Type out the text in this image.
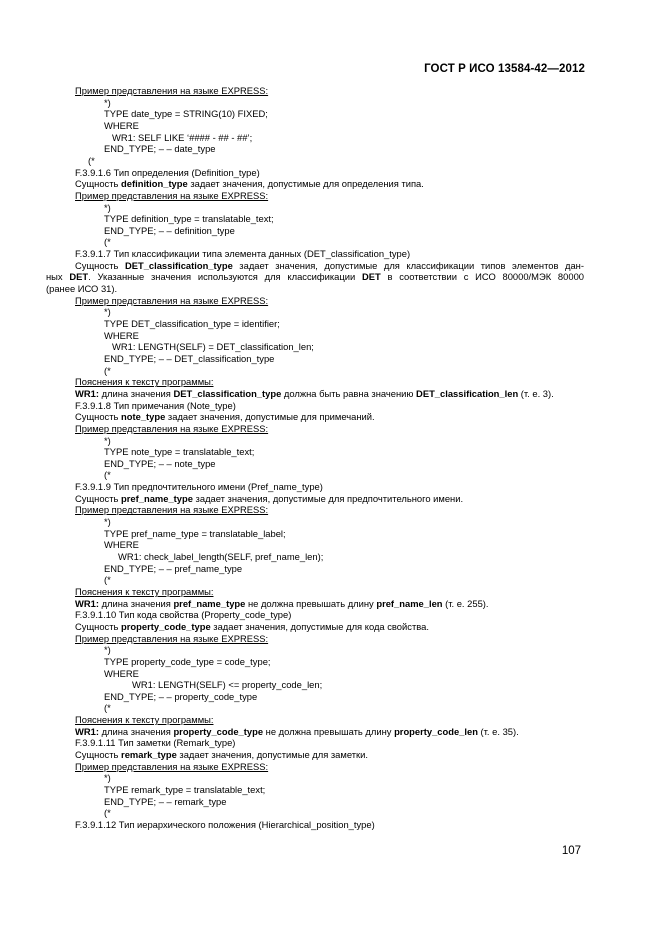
ГОСТ Р ИСО 13584-42—2012
Пример представления на языке EXPRESS:
*)
TYPE date_type = STRING(10) FIXED;
WHERE
WR1: SELF LIKE ‘#### - ## - ##’;
END_TYPE; – – date_type
(*
F.3.9.1.6 Тип определения (Definition_type)
Сущность definition_type задает значения, допустимые для определения типа.
Пример представления на языке EXPRESS:
*)
TYPE definition_type = translatable_text;
END_TYPE; – – definition_type
(*
F.3.9.1.7 Тип классификации типа элемента данных (DET_classification_type)
Сущность DET_classification_type задает значения, допустимые для классификации типов элементов дан-
ных DET. Указанные значения используются для классификации DET в соответствии с ИСО 80000/МЭК 80000
(ранее ИСО 31).
Пример представления на языке EXPRESS:
*)
TYPE DET_classification_type = identifier;
WHERE
WR1: LENGTH(SELF) = DET_classification_len;
END_TYPE; – – DET_classification_type
(*
Пояснения к тексту программы:
WR1: длина значения DET_classification_type должна быть равна значению DET_classification_len (т. е. 3).
F.3.9.1.8 Тип примечания (Note_type)
Сущность note_type задает значения, допустимые для примечаний.
Пример представления на языке EXPRESS:
*)
TYPE note_type = translatable_text;
END_TYPE; – – note_type
(*
F.3.9.1.9 Тип предпочтительного имени (Pref_name_type)
Сущность pref_name_type задает значения, допустимые для предпочтительного имени.
Пример представления на языке EXPRESS:
*)
TYPE pref_name_type = translatable_label;
WHERE
WR1: check_label_length(SELF, pref_name_len);
END_TYPE; – – pref_name_type
(*
Пояснения к тексту программы:
WR1: длина значения pref_name_type не должна превышать длину pref_name_len (т. е. 255).
F.3.9.1.10 Тип кода свойства (Property_code_type)
Сущность property_code_type задает значения, допустимые для кода свойства.
Пример представления на языке EXPRESS:
*)
TYPE property_code_type = code_type;
WHERE
WR1: LENGTH(SELF) <= property_code_len;
END_TYPE; – – property_code_type
(*
Пояснения к тексту программы:
WR1: длина значения property_code_type не должна превышать длину property_code_len (т. е. 35).
F.3.9.1.11 Тип заметки (Remark_type)
Сущность remark_type задает значения, допустимые для заметки.
Пример представления на языке EXPRESS:
*)
TYPE remark_type = translatable_text;
END_TYPE; – – remark_type
(*
F.3.9.1.12 Тип иерархического положения (Hierarchical_position_type)
107
